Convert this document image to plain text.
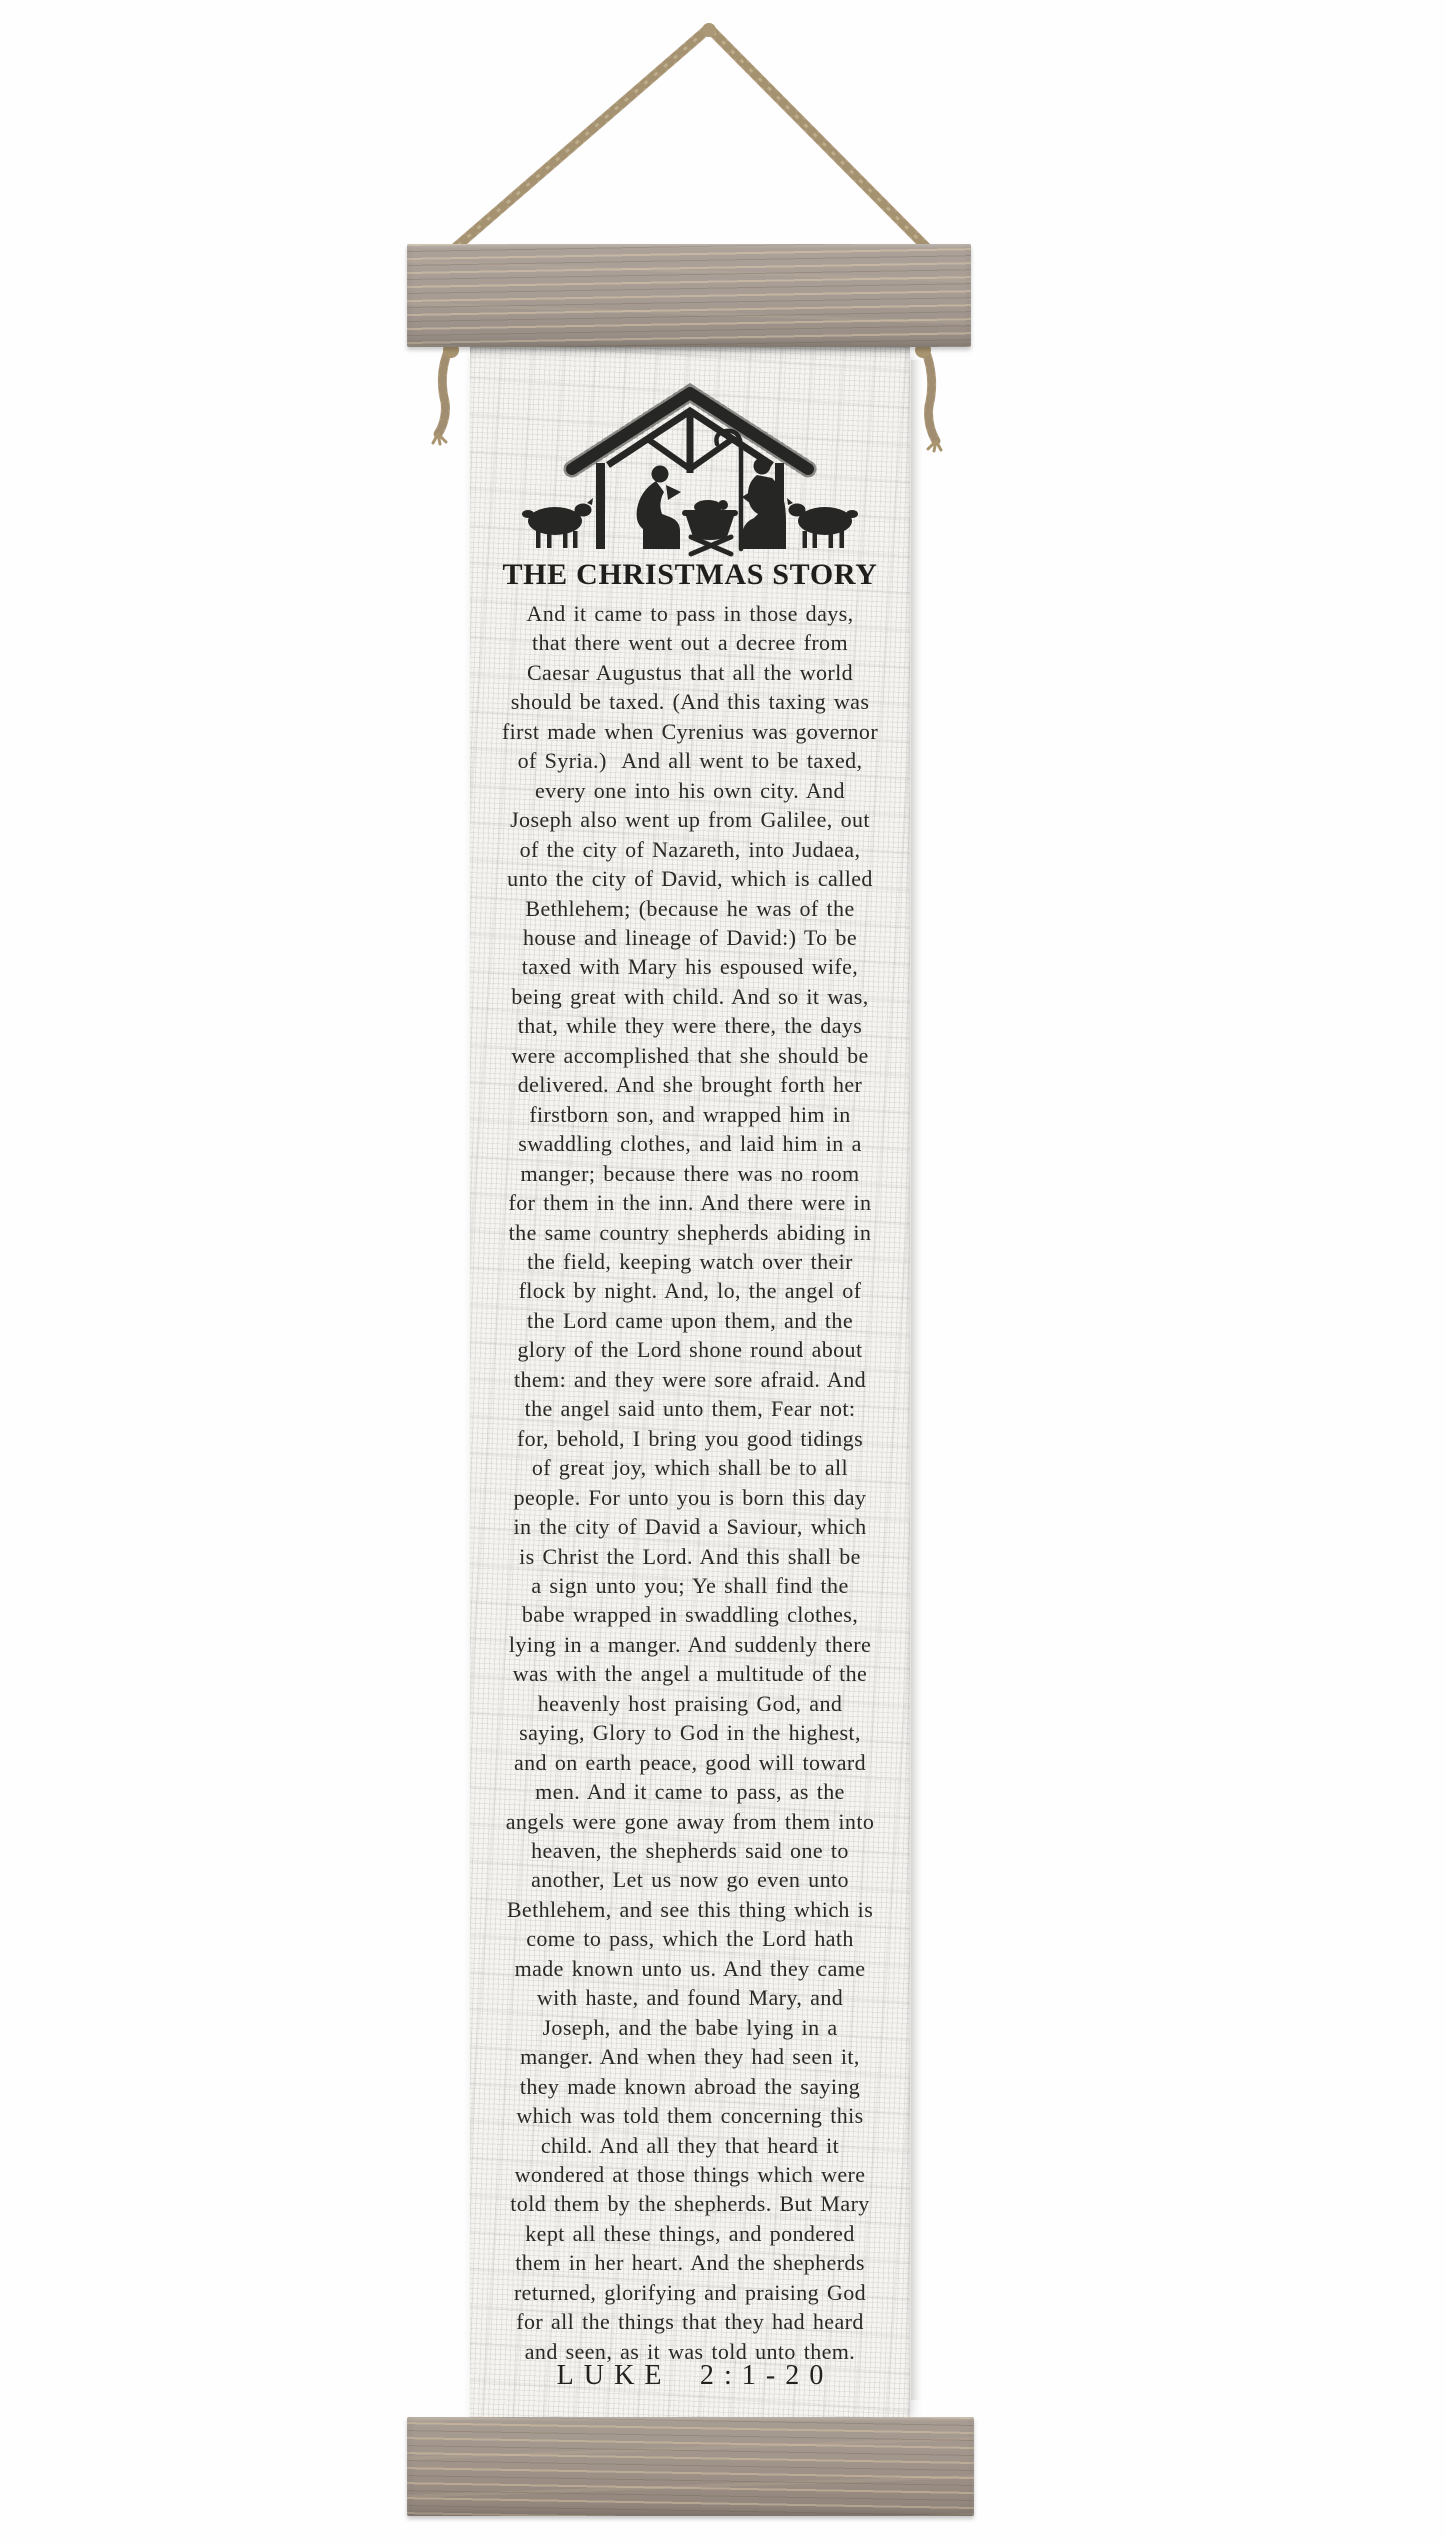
THE CHRISTMAS STORY
And it came to pass in those days,
that there went out a decree from
Caesar Augustus that all the world
should be taxed. (And this taxing was
first made when Cyrenius was governor
of Syria.)  And all went to be taxed,
every one into his own city. And
Joseph also went up from Galilee, out
of the city of Nazareth, into Judaea,
unto the city of David, which is called
Bethlehem; (because he was of the
house and lineage of David:) To be
taxed with Mary his espoused wife,
being great with child. And so it was,
that, while they were there, the days
were accomplished that she should be
delivered. And she brought forth her
firstborn son, and wrapped him in
swaddling clothes, and laid him in a
manger; because there was no room
for them in the inn. And there were in
the same country shepherds abiding in
the field, keeping watch over their
flock by night. And, lo, the angel of
the Lord came upon them, and the
glory of the Lord shone round about
them: and they were sore afraid. And
the angel said unto them, Fear not:
for, behold, I bring you good tidings
of great joy, which shall be to all
people. For unto you is born this day
in the city of David a Saviour, which
is Christ the Lord. And this shall be
a sign unto you; Ye shall find the
babe wrapped in swaddling clothes,
lying in a manger. And suddenly there
was with the angel a multitude of the
heavenly host praising God, and
saying, Glory to God in the highest,
and on earth peace, good will toward
men. And it came to pass, as the
angels were gone away from them into
heaven, the shepherds said one to
another, Let us now go even unto
Bethlehem, and see this thing which is
come to pass, which the Lord hath
made known unto us. And they came
with haste, and found Mary, and
Joseph, and the babe lying in a
manger. And when they had seen it,
they made known abroad the saying
which was told them concerning this
child. And all they that heard it
wondered at those things which were
told them by the shepherds. But Mary
kept all these things, and pondered
them in her heart. And the shepherds
returned, glorifying and praising God
for all the things that they had heard
and seen, as it was told unto them.
LUKE 2:1-20
